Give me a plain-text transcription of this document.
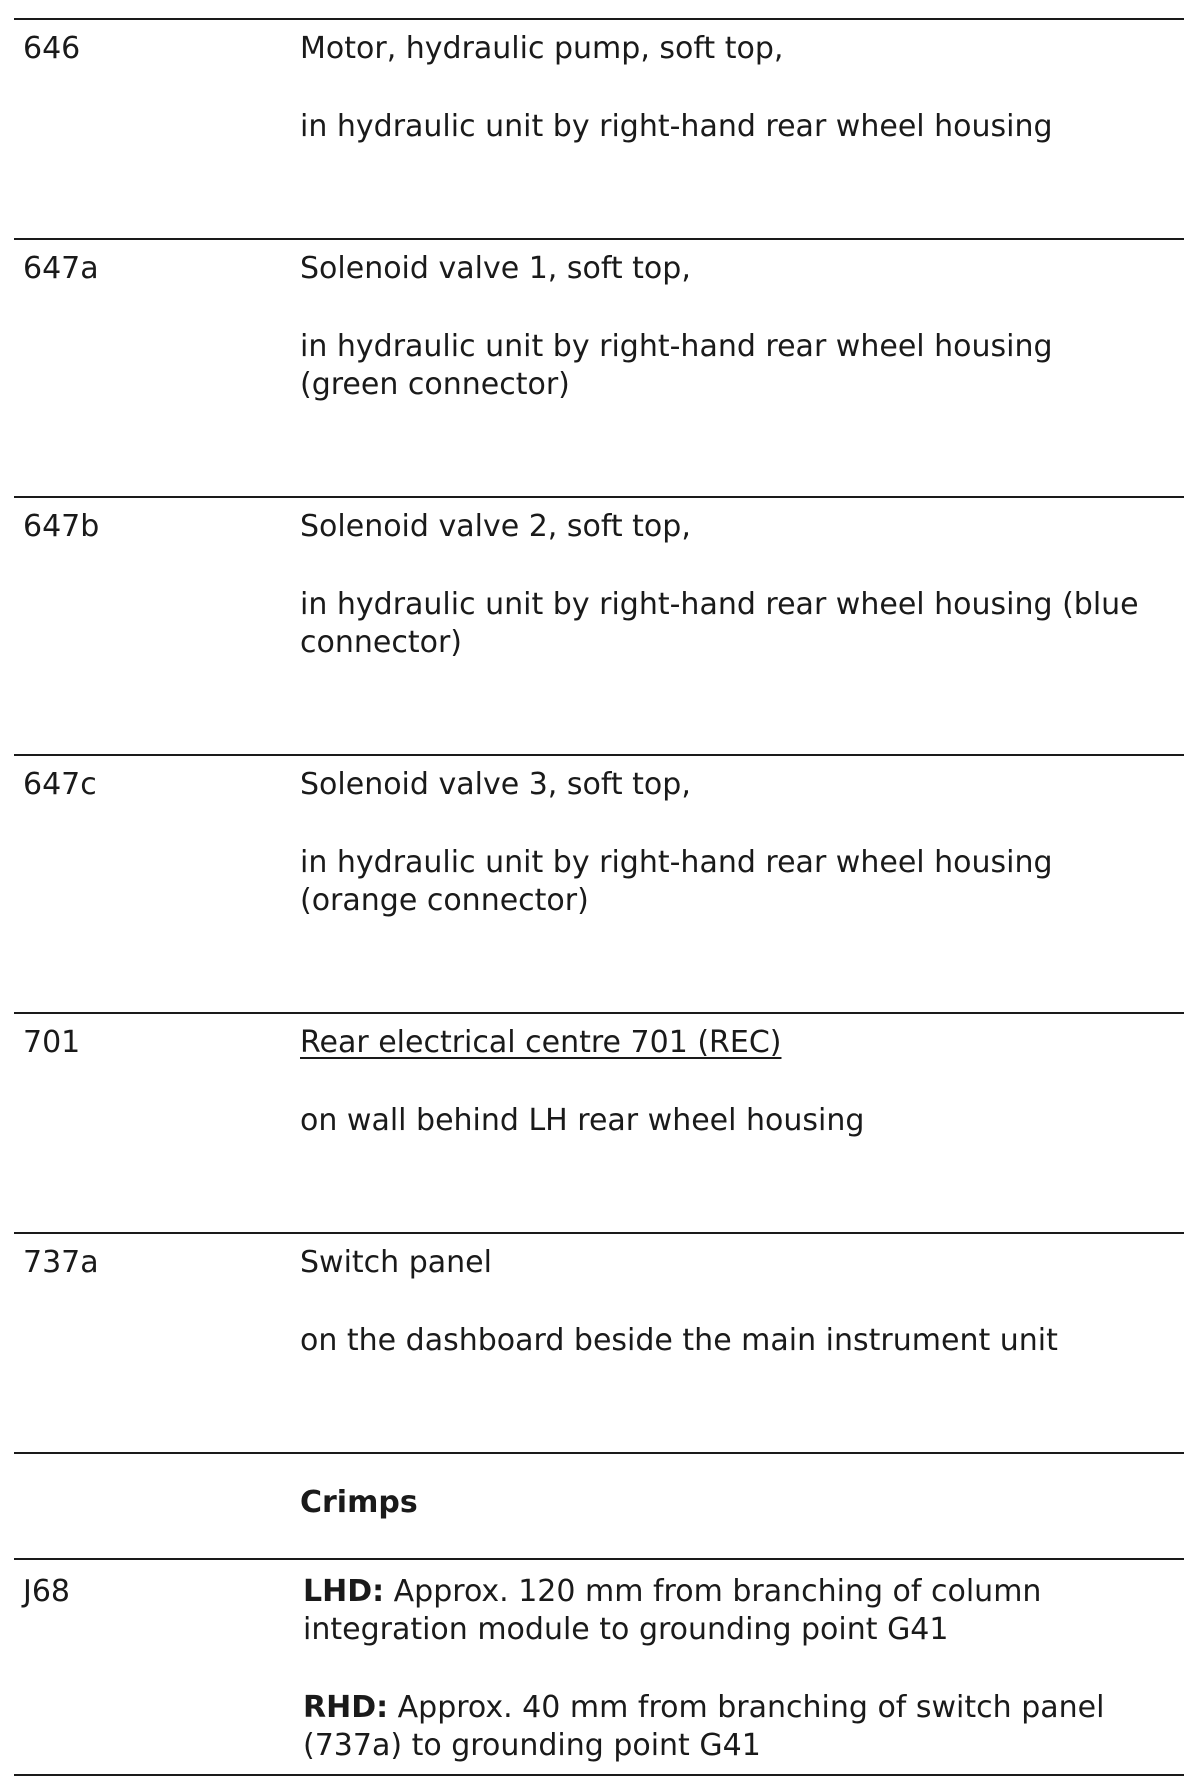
646	Motor, hydraulic pump, soft top,
in hydraulic unit by right-hand rear wheel housing
647a	Solenoid valve 1, soft top,
in hydraulic unit by right-hand rear wheel housing
(green connector)
647b	Solenoid valve 2, soft top,
in hydraulic unit by right-hand rear wheel housing (blue
connector)
647c	Solenoid valve 3, soft top,
in hydraulic unit by right-hand rear wheel housing
(orange connector)
701	Rear electrical centre 701 (REC)
on wall behind LH rear wheel housing
737a	Switch panel
on the dashboard beside the main instrument unit
Crimps
J68	LHD: Approx. 120 mm from branching of column
integration module to grounding point G41
RHD: Approx. 40 mm from branching of switch panel
(737a) to grounding point G41
